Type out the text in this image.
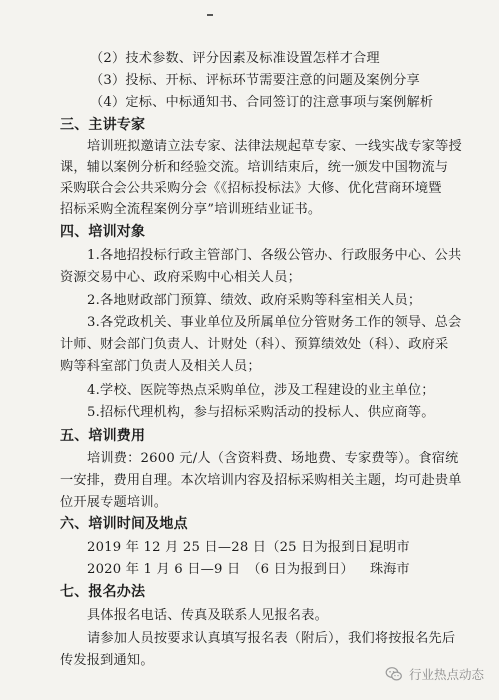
（2）技术参数、评分因素及标准设置怎样才合理
（3）投标、开标、评标环节需要注意的问题及案例分享
（4）定标、中标通知书、合同签订的注意事项与案例解析
三、主讲专家
培训班拟邀请立法专家、法律法规起草专家、一线实战专家等授
课，辅以案例分析和经验交流。培训结束后，统一颁发中国物流与
采购联合会公共采购分会《《招标投标法》大修、优化营商环境暨
招标采购全流程案例分享”培训班结业证书。
四、培训对象
1.各地招投标行政主管部门、各级公管办、行政服务中心、公共
资源交易中心、政府采购中心相关人员；
2.各地财政部门预算、绩效、政府采购等科室相关人员；
3.各党政机关、事业单位及所属单位分管财务工作的领导、总会
计师、财会部门负责人、计财处（科）、预算绩效处（科）、政府采
购等科室部门负责人及相关人员；
4.学校、医院等热点采购单位，涉及工程建设的业主单位；
5.招标代理机构，参与招标采购活动的投标人、供应商等。
五、培训费用
培训费：2600 元/人（含资料费、场地费、专家费等）。食宿统
一安排，费用自理。本次培训内容及招标采购相关主题，均可赴贵单
位开展专题培训。
六、培训时间及地点
2019 年 12 月 25 日—28 日（25 日为报到日）
昆明市
2020 年 1 月 6 日—9 日　（6 日为报到日） 珠海市
七、报名办法
具体报名电话、传真及联系人见报名表。
请参加人员按要求认真填写报名表（附后），我们将按报名先后
传发报到通知。
行业热点动态
